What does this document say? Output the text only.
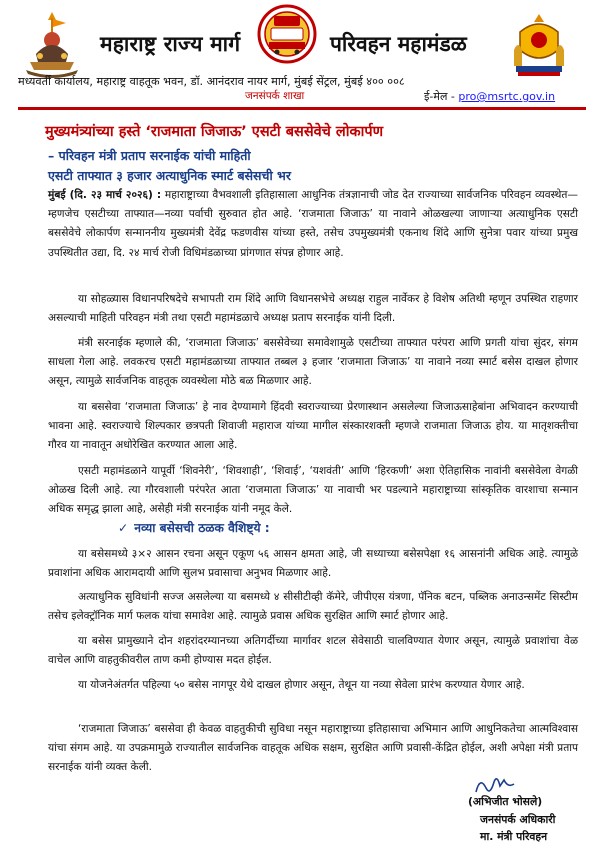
महाराष्ट्र राज्य मार्ग	परिवहन महामंडळ
मध्यवर्ती कार्यालय, महाराष्ट्र वाहतूक भवन, डॉ. आनंदराव नायर मार्ग, मुंबई सेंट्रल, मुंबई ४०० ००८
जनसंपर्क शाखा	ई-मेल - pro@msrtc.gov.in
मुख्यमंत्र्यांच्या हस्ते ‘राजमाता जिजाऊ’ एसटी बससेवेचे लोकार्पण
– परिवहन मंत्री प्रताप सरनाईक यांची माहिती
एसटी ताफ्यात ३ हजार अत्याधुनिक स्मार्ट बसेसची भर
मुंबई (दि. २३ मार्च २०२६) : महाराष्ट्राच्या वैभवशाली इतिहासाला आधुनिक तंत्रज्ञानाची जोड देत राज्याच्या सार्वजनिक परिवहन व्यवस्थेत—म्हणजेच एसटीच्या ताफ्यात—नव्या पर्वाची सुरुवात होत आहे. ‘राजमाता जिजाऊ’ या नावाने ओळखल्या जाणाऱ्या अत्याधुनिक एसटी बससेवेचे लोकार्पण सन्माननीय मुख्यमंत्री देवेंद्र फडणवीस यांच्या हस्ते, तसेच उपमुख्यमंत्री एकनाथ शिंदे आणि सुनेत्रा पवार यांच्या प्रमुख उपस्थितीत उद्या, दि. २४ मार्च रोजी विधिमंडळाच्या प्रांगणात संपन्न होणार आहे.
या सोहळ्यास विधानपरिषदेचे सभापती राम शिंदे आणि विधानसभेचे अध्यक्ष राहुल नार्वेकर हे विशेष अतिथी म्हणून उपस्थित राहणार असल्याची माहिती परिवहन मंत्री तथा एसटी महामंडळाचे अध्यक्ष प्रताप सरनाईक यांनी दिली.
मंत्री सरनाईक म्हणाले की, ‘राजमाता जिजाऊ’ बससेवेच्या समावेशामुळे एसटीच्या ताफ्यात परंपरा आणि प्रगती यांचा सुंदर, संगम साधला गेला आहे. लवकरच एसटी महामंडळाच्या ताफ्यात तब्बल ३ हजार ‘राजमाता जिजाऊ’ या नावाने नव्या स्मार्ट बसेस दाखल होणार असून, त्यामुळे सार्वजनिक वाहतूक व्यवस्थेला मोठे बळ मिळणार आहे.
या बससेवा ‘राजमाता जिजाऊ’ हे नाव देण्यामागे हिंदवी स्वराज्याच्या प्रेरणास्थान असलेल्या जिजाऊसाहेबांना अभिवादन करण्याची भावना आहे. स्वराज्याचे शिल्पकार छत्रपती शिवाजी महाराज यांच्या मागील संस्कारशक्ती म्हणजे राजमाता जिजाऊ होय. या मातृशक्तीचा गौरव या नावातून अधोरेखित करण्यात आला आहे.
एसटी महामंडळाने यापूर्वी ‘शिवनेरी’, ‘शिवशाही’, ‘शिवाई’, ‘यशवंती’ आणि ‘हिरकणी’ अशा ऐतिहासिक नावांनी बससेवेला वेगळी ओळख दिली आहे. त्या गौरवशाली परंपरेत आता ‘राजमाता जिजाऊ’ या नावाची भर पडल्याने महाराष्ट्राच्या सांस्कृतिक वारशाचा सन्मान अधिक समृद्ध झाला आहे, असेही मंत्री सरनाईक यांनी नमूद केले.
✓ नव्या बसेसची ठळक वैशिष्ट्ये :
या बसेसमध्ये ३×२ आसन रचना असून एकूण ५६ आसन क्षमता आहे, जी सध्याच्या बसेसपेक्षा १६ आसनांनी अधिक आहे. त्यामुळे प्रवाशांना अधिक आरामदायी आणि सुलभ प्रवासाचा अनुभव मिळणार आहे.
अत्याधुनिक सुविधांनी सज्ज असलेल्या या बसमध्ये ४ सीसीटीव्ही कॅमेरे, जीपीएस यंत्रणा, पॅनिक बटन, पब्लिक अनाउन्समेंट सिस्टीम तसेच इलेक्ट्रॉनिक मार्ग फलक यांचा समावेश आहे. त्यामुळे प्रवास अधिक सुरक्षित आणि स्मार्ट होणार आहे.
या बसेस प्रामुख्याने दोन शहरांदरम्यानच्या अतिगर्दीच्या मार्गावर शटल सेवेसाठी चालविण्यात येणार असून, त्यामुळे प्रवाशांचा वेळ वाचेल आणि वाहतुकीवरील ताण कमी होण्यास मदत होईल.
या योजनेअंतर्गत पहिल्या ५० बसेस नागपूर येथे दाखल होणार असून, तेथून या नव्या सेवेला प्रारंभ करण्यात येणार आहे.
‘राजमाता जिजाऊ’ बससेवा ही केवळ वाहतुकीची सुविधा नसून महाराष्ट्राच्या इतिहासाचा अभिमान आणि आधुनिकतेचा आत्मविश्वास यांचा संगम आहे. या उपक्रमामुळे राज्यातील सार्वजनिक वाहतूक अधिक सक्षम, सुरक्षित आणि प्रवासी-केंद्रित होईल, अशी अपेक्षा मंत्री प्रताप सरनाईक यांनी व्यक्त केली.
(अभिजीत भोसले)
जनसंपर्क अधिकारी
मा. मंत्री परिवहन
